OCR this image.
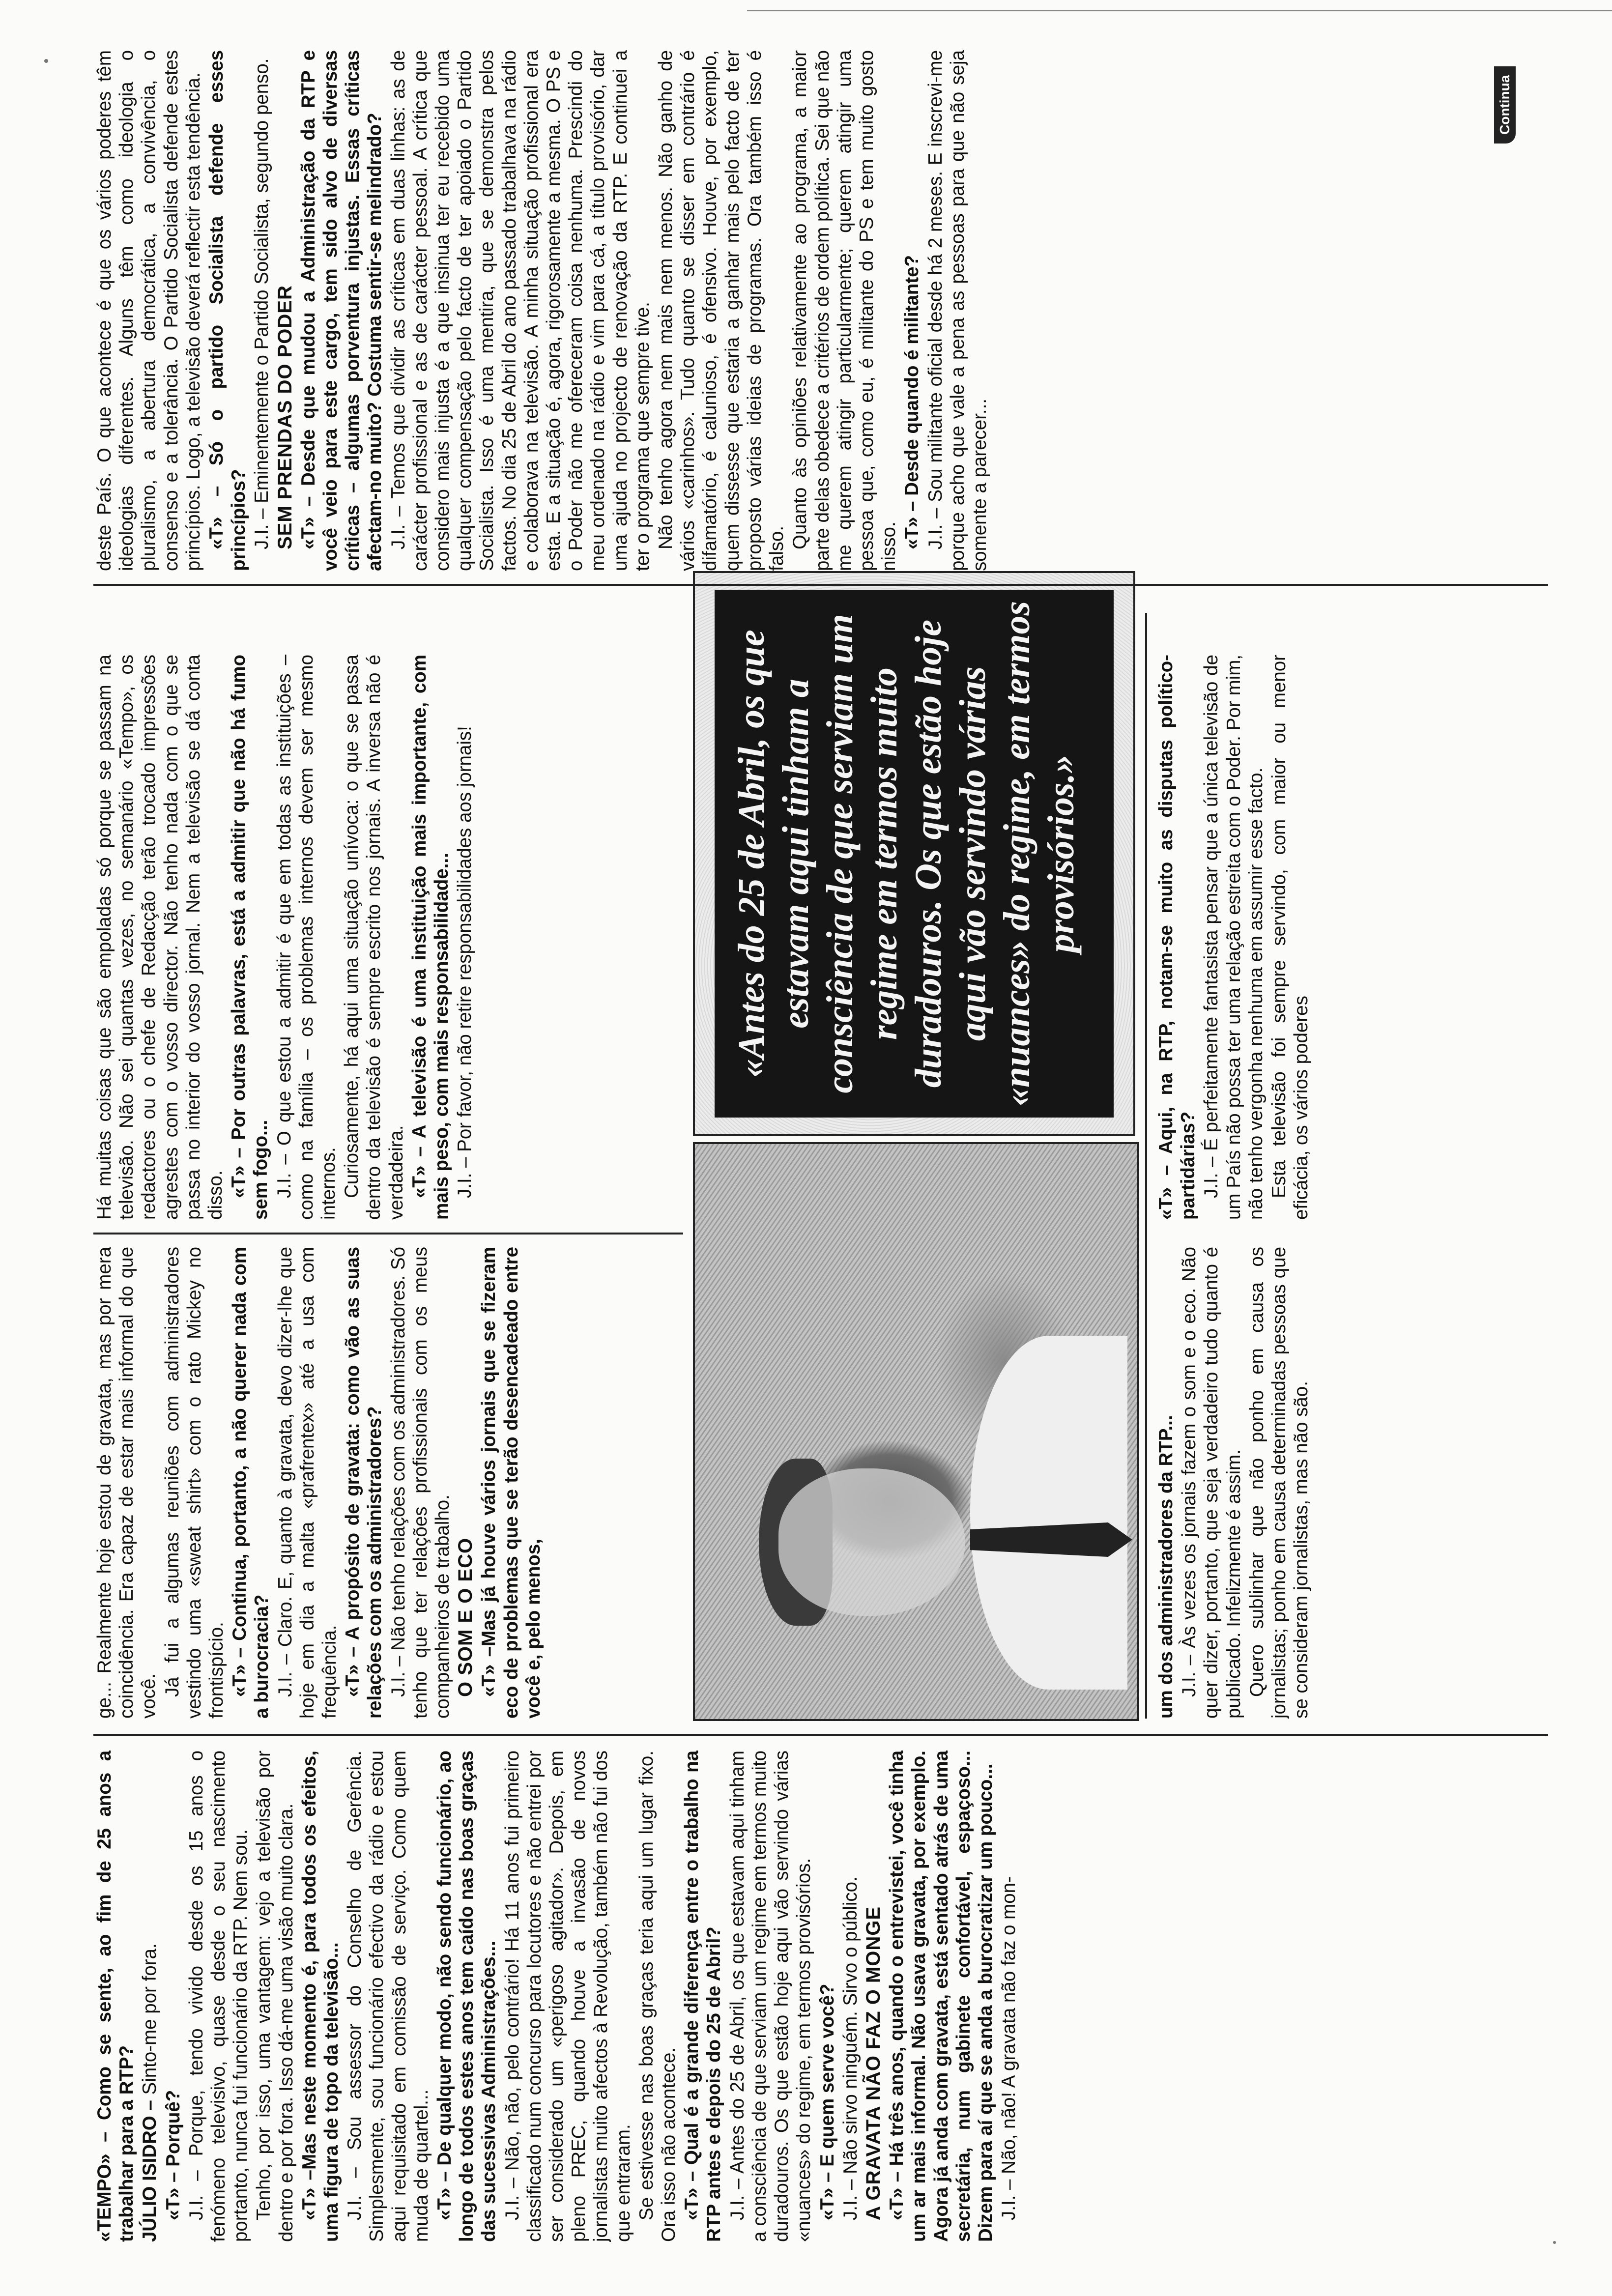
«TEMPO» – Como se sente, ao fim de 25 anos a trabalhar para a RTP? JÚLIO ISIDRO – Sinto-me por fora.

«T» – Porquê? J.I. – Porque, tendo vivido desde os 15 anos o fenómeno televisivo, quase desde o seu nascimento portanto, nunca fui funcionário da RTP. Nem sou. Tenho, por isso, uma vantagem: vejo a televisão por dentro e por fora. Isso dá-me uma visão muito clara. «T» –Mas neste momento é, para todos os efeitos, uma figura de topo da televisão... J.I. – Sou assessor do Conselho de Gerência. Simplesmente, sou funcionário efectivo da rádio e estou aqui requisitado em comissão de serviço. Como quem muda de quartel... «T» – De qualquer modo, não sendo funcionário, ao longo de todos estes anos tem caído nas boas graças das sucessivas Administrações... J.I. – Não, não, pelo contrário! Há 11 anos fui primeiro classificado num concurso para locutores e não entrei por ser considerado um «perigoso agitador». Depois, em pleno PREC, quando houve a invasão de novos jornalistas muito afectos à Revolução, também não fui dos que entraram. Se estivesse nas boas graças teria aqui um lugar fixo. Ora isso não acontece. «T» – Qual é a grande diferença entre o trabalho na RTP antes e depois do 25 de Abril? J.I. – Antes do 25 de Abril, os que estavam aqui tinham a consciência de que serviam um regime em termos muito duradouros. Os que estão hoje aqui vão servindo várias «nuances» do regime, em termos provisórios. «T» – E quem serve você? J.I. – Não sirvo ninguém. Sirvo o público. A GRAVATA NÃO FAZ O MONGE «T» – Há três anos, quando o entrevistei, você tinha um ar mais informal. Não usava gravata, por exemplo. Agora já anda com gravata, está sentado atrás de uma secretária, num gabinete confortável, espaçoso... Dizem para aí que se anda a burocratizar um pouco... J.I. – Não, não! A gravata não faz o mon-

ge... Realmente hoje estou de gravata, mas por mera coincidência. Era capaz de estar mais informal do que você. Já fui a algumas reuniões com administradores vestindo uma «sweat shirt» com o rato Mickey no frontispício. «T» – Continua, portanto, a não querer nada com a burocracia? J.I. – Claro. E, quanto à gravata, devo dizer-lhe que hoje em dia a malta «prafrentex» até a usa com frequência. «T» – A propósito de gravata: como vão as suas relações com os administradores? J.I. – Não tenho relações com os administradores. Só tenho que ter relações profissionais com os meus companheiros de trabalho. O SOM E O ECO «T» –Mas já houve vários jornais que se fizeram eco de problemas que se terão desencadeado entre você e, pelo menos,	um dos administradores da RTP... J.I. – Às vezes os jornais fazem o som e o eco. Não quer dizer, portanto, que seja verdadeiro tudo quanto é publicado. Infelizmente é assim. Quero sublinhar que não ponho em causa os jornalistas; ponho em causa determinadas pessoas que se consideram jornalistas, mas não são.

Há muitas coisas que são empoladas só porque se passam na televisão. Não sei quantas vezes, no semanário «Tempo», os redactores ou o chefe de Redacção terão trocado impressões agrestes com o vosso director. Não tenho nada com o que se passa no interior do vosso jornal. Nem a televisão se dá conta disso. «T» – Por outras palavras, está a admitir que não há fumo sem fogo... J.I. – O que estou a admitir é que em todas as instituições – como na família – os problemas internos devem ser mesmo internos. Curiosamente, há aqui uma situação unívoca: o que se passa dentro da televisão é sempre escrito nos jornais. A inversa não é verdadeira. «T» – A televisão é uma instituição mais importante, com mais peso, com mais responsabilidade... J.I. – Por favor, não retire responsabilidades aos jornais!	«Antes do 25 de Abril, os que estavam aqui tinham a consciência de que serviam um regime em termos muito duradouros. Os que estão hoje aqui vão servindo várias «nuances» do regime, em termos provisórios.»	«T» – Aqui, na RTP, notam-se muito as disputas político-partidárias? J.I. – É perfeitamente fantasista pensar que a única televisão de um País não possa ter uma relação estreita com o Poder. Por mim, não tenho vergonha nenhuma em assumir esse facto. Esta televisão foi sempre servindo, com maior ou menor eficácia, os vários poderes

deste País. O que acontece é que os vários poderes têm ideologias diferentes. Alguns têm como ideologia o pluralismo, a abertura democrática, a convivência, o consenso e a tolerância. O Partido Socialista defende estes princípios. Logo, a televisão deverá reflectir esta tendência. «T» – Só o partido Socialista defende esses princípios? J.I. – Eminentemente o Partido Socialista, segundo penso. SEM PRENDAS DO PODER «T» – Desde que mudou a Administração da RTP e você veio para este cargo, tem sido alvo de diversas críticas – algumas porventura injustas. Essas críticas afectam-no muito? Costuma sentir-se melindrado? J.I. – Temos que dividir as críticas em duas linhas: as de carácter profissional e as de carácter pessoal. A crítica que considero mais injusta é a que insinua ter eu recebido uma qualquer compensação pelo facto de ter apoiado o Partido Socialista. Isso é uma mentira, que se demonstra pelos factos. No dia 25 de Abril do ano passado trabalhava na rádio e colaborava na televisão. A minha situação profissional era esta. E a situação é, agora, rigorosamente a mesma. O PS e o Poder não me ofereceram coisa nenhuma. Prescindi do meu ordenado na rádio e vim para cá, a título provisório, dar uma ajuda no projecto de renovação da RTP. E continuei a ter o programa que sempre tive. Não tenho agora nem mais nem menos. Não ganho de vários «carinhos». Tudo quanto se disser em contrário é difamatório, é calunioso, é ofensivo. Houve, por exemplo, quem dissesse que estaria a ganhar mais pelo facto de ter proposto várias ideias de programas. Ora também isso é falso. Quanto às opiniões relativamente ao programa, a maior parte delas obedece a critérios de ordem política. Sei que não me querem atingir particularmente; querem atingir uma pessoa que, como eu, é militante do PS e tem muito gosto nisso. «T» – Desde quando é militante? J.I. – Sou militante oficial desde há 2 meses. E inscrevi-me porque acho que vale a pena as pessoas para que não seja somente a parecer...

Continua
